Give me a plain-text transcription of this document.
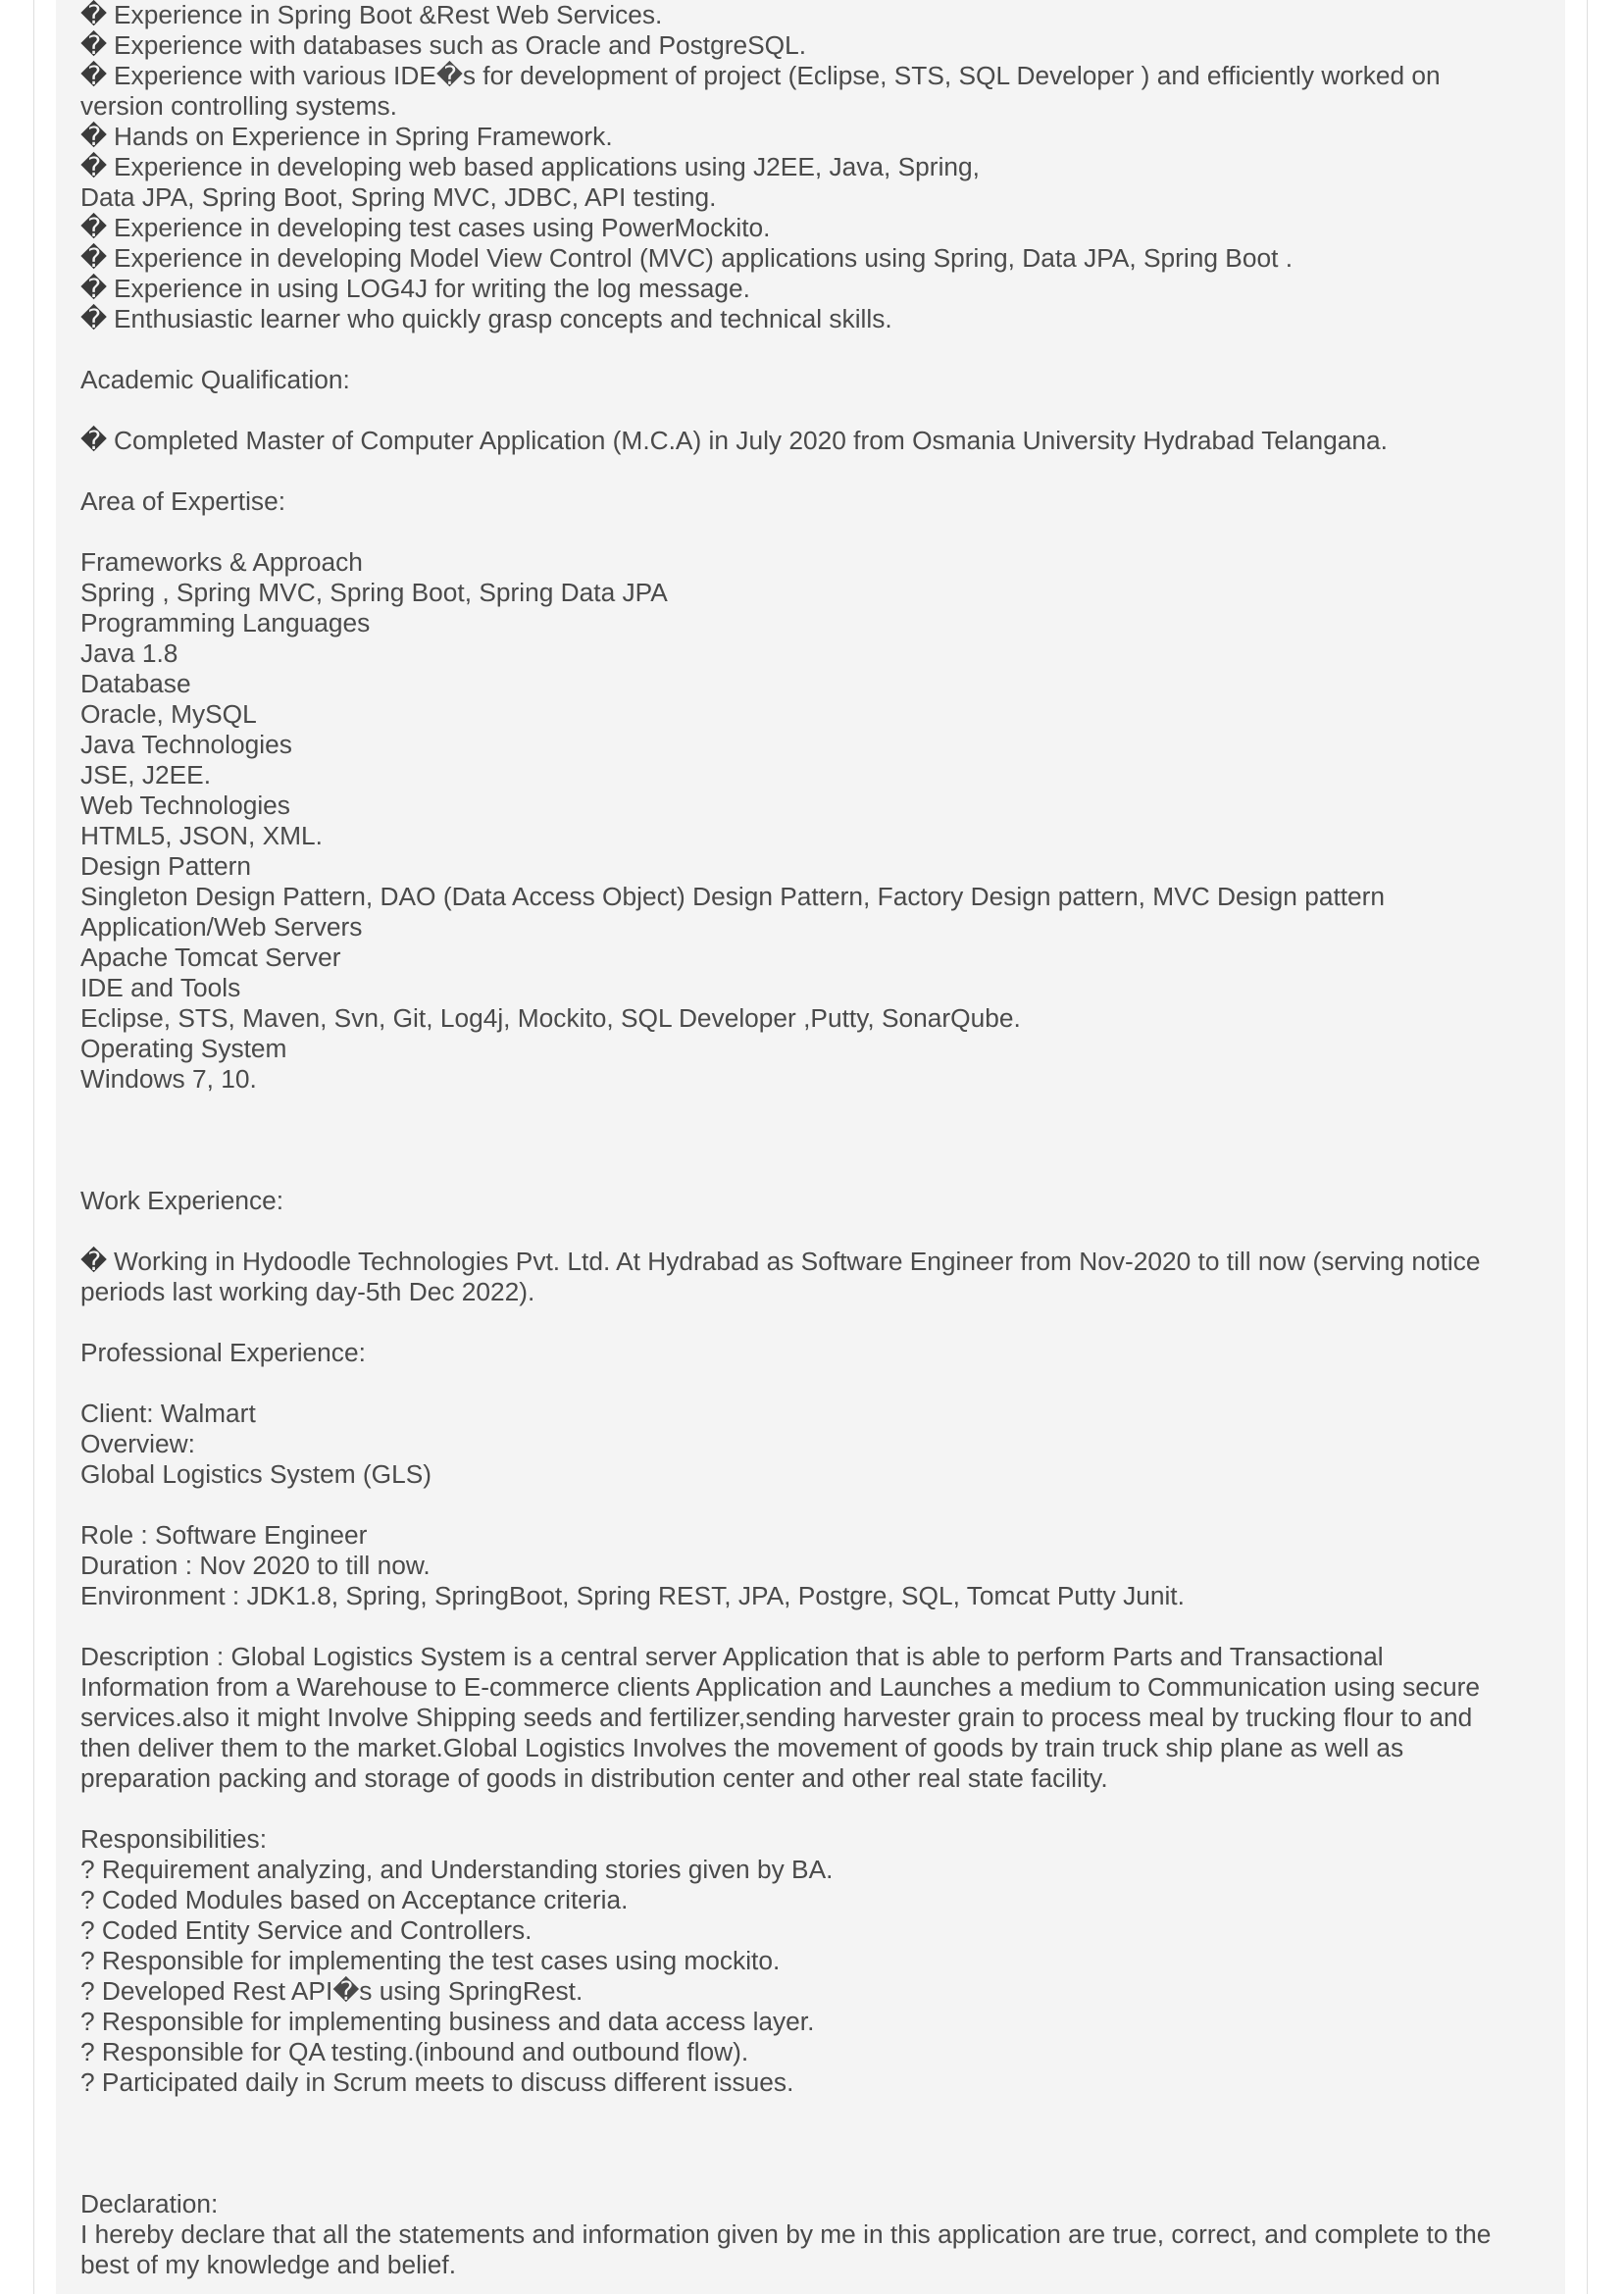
�Experience in Spring Boot &Rest Web Services.
�Experience with databases such as Oracle and PostgreSQL.
�Experience with various IDE�s for development of project (Eclipse, STS, SQL Developer ) and efficiently worked on
version controlling systems.
�Hands on Experience in Spring Framework.
�Experience in developing web based applications using J2EE, Java, Spring,
Data JPA, Spring Boot, Spring MVC, JDBC, API testing.
�Experience in developing test cases using PowerMockito.
�Experience in developing Model View Control (MVC) applications using Spring, Data JPA, Spring Boot .
�Experience in using LOG4J for writing the log message.
�Enthusiastic learner who quickly grasp concepts and technical skills.
Academic Qualification:
�Completed Master of Computer Application (M.C.A) in July 2020 from Osmania University Hydrabad Telangana.
Area of Expertise:
Frameworks & Approach
Spring , Spring MVC, Spring Boot, Spring Data JPA
Programming Languages
Java 1.8
Database
Oracle, MySQL
Java Technologies
JSE, J2EE.
Web Technologies
HTML5, JSON, XML.
Design Pattern
Singleton Design Pattern, DAO (Data Access Object) Design Pattern, Factory Design pattern, MVC Design pattern
Application/Web Servers
Apache Tomcat Server
IDE and Tools
Eclipse, STS, Maven, Svn, Git, Log4j, Mockito, SQL Developer ,Putty, SonarQube.
Operating System
Windows 7, 10.
Work Experience:
�Working in Hydoodle Technologies Pvt. Ltd. At Hydrabad as Software Engineer from Nov-2020 to till now (serving notice
periods last working day-5th Dec 2022).
Professional Experience:
Client: Walmart
Overview:
Global Logistics System (GLS)
Role : Software Engineer
Duration : Nov 2020 to till now.
Environment : JDK1.8, Spring, SpringBoot, Spring REST, JPA, Postgre, SQL, Tomcat Putty Junit.
Description : Global Logistics System is a central server Application that is able to perform Parts and Transactional
Information from a Warehouse to E-commerce clients Application and Launches a medium to Communication using secure
services.also it might Involve Shipping seeds and fertilizer,sending harvester grain to process meal by trucking flour to and
then deliver them to the market.Global Logistics Involves the movement of goods by train truck ship plane as well as
preparation packing and storage of goods in distribution center and other real state facility.
Responsibilities:
? Requirement analyzing, and Understanding stories given by BA.
? Coded Modules based on Acceptance criteria.
? Coded Entity Service and Controllers.
? Responsible for implementing the test cases using mockito.
? Developed Rest API�s using SpringRest.
? Responsible for implementing business and data access layer.
? Responsible for QA testing.(inbound and outbound flow).
? Participated daily in Scrum meets to discuss different issues.
Declaration:
I hereby declare that all the statements and information given by me in this application are true, correct, and complete to the
best of my knowledge and belief.
